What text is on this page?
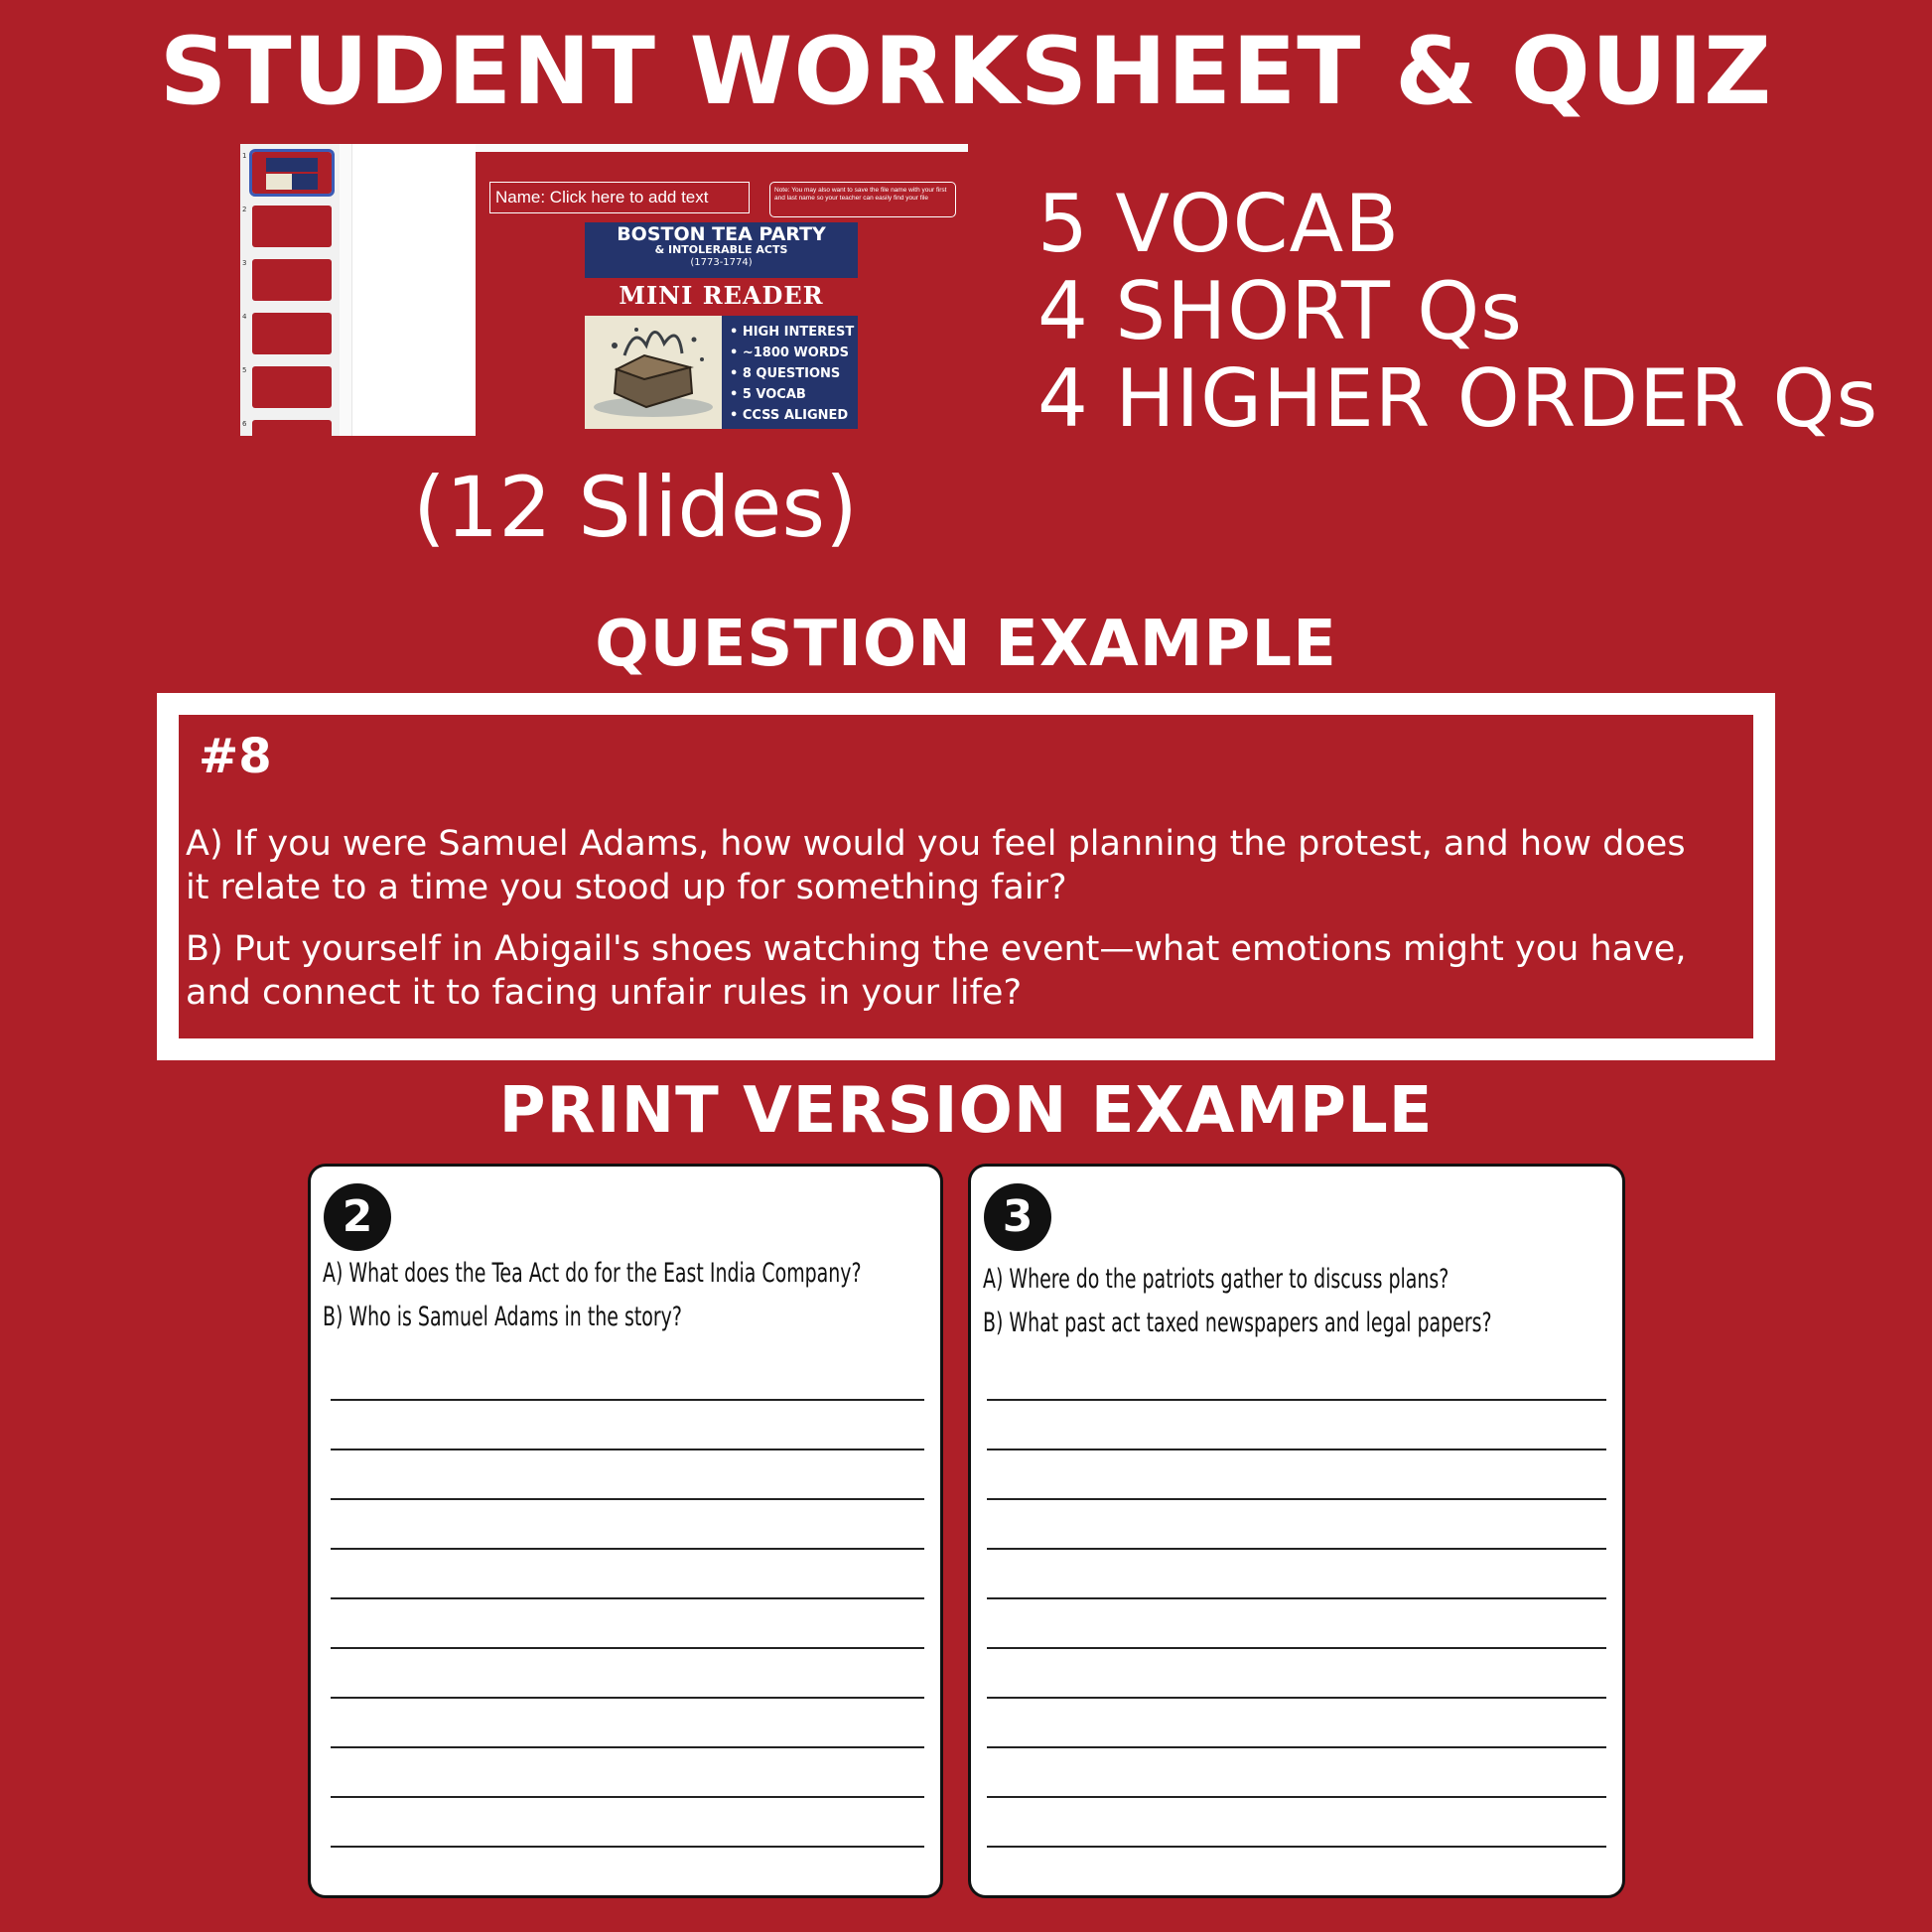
STUDENT WORKSHEET & QUIZ
1
2
3
4
5
6
Name: Click here to add text	Note: You may also want to save the file name with your first and last name so your teacher can easily find your file
BOSTON TEA PARTY
& INTOLERABLE ACTS
(1773-1774)
MINI READER
• HIGH INTEREST
• ~1800 WORDS
• 8 QUESTIONS
• 5 VOCAB
• CCSS ALIGNED
(12 Slides)
5 VOCAB
4 SHORT Qs
4 HIGHER ORDER Qs
QUESTION EXAMPLE
#8
A) If you were Samuel Adams, how would you feel planning the protest, and how does it relate to a time you stood up for something fair?
B) Put yourself in Abigail's shoes watching the event—what emotions might you have, and connect it to facing unfair rules in your life?
PRINT VERSION EXAMPLE
2
A) What does the Tea Act do for the East India Company?
B) Who is Samuel Adams in the story?
3
A) Where do the patriots gather to discuss plans?
B) What past act taxed newspapers and legal papers?
